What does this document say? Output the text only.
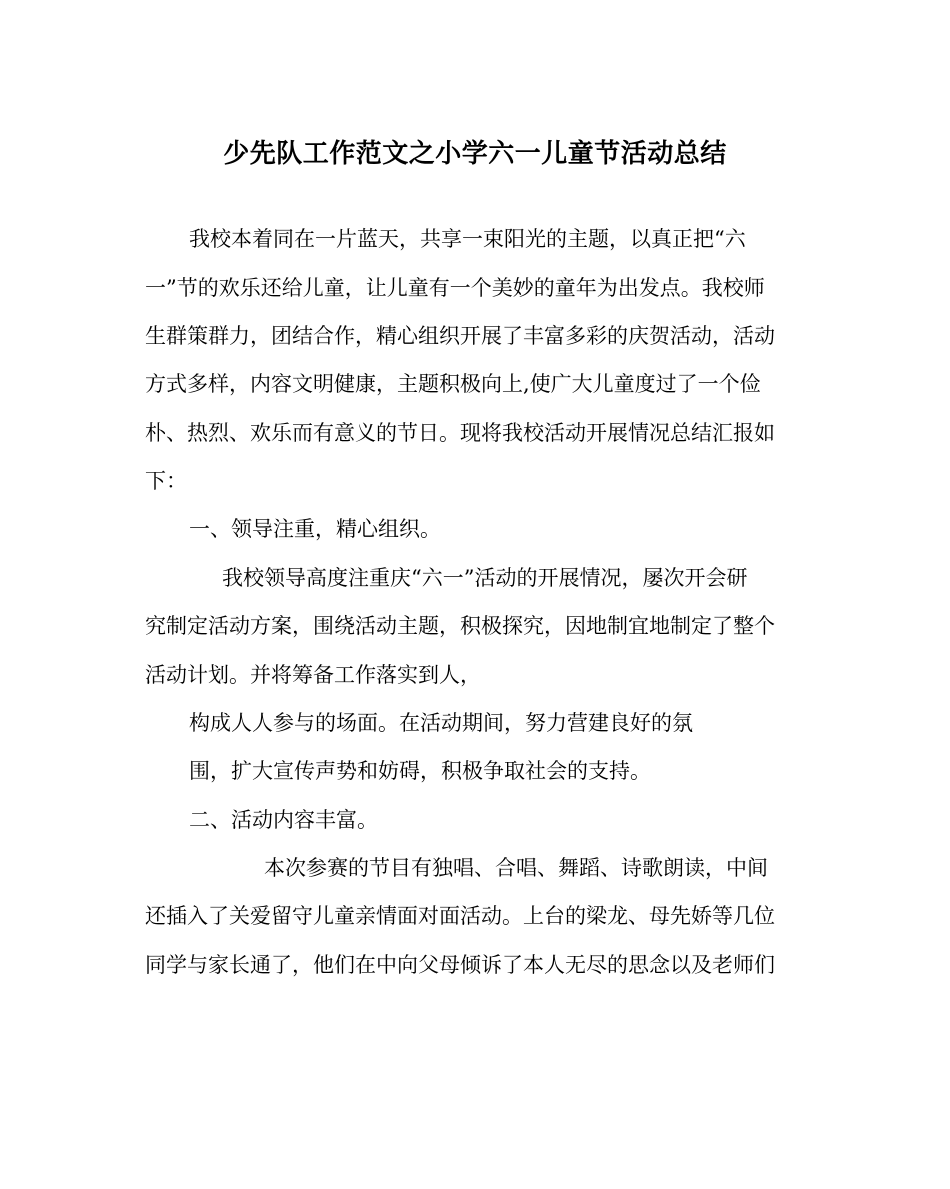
少先队工作范文之小学六一儿童节活动总结

我校本着同在一片蓝天，共享一束阳光的主题，以真正把“六

一”节的欢乐还给儿童，让儿童有一个美妙的童年为出发点。我校师

生群策群力，团结合作，精心组织开展了丰富多彩的庆贺活动，活动

方式多样，内容文明健康，主题积极向上,使广大儿童度过了一个俭

朴、热烈、欢乐而有意义的节日。现将我校活动开展情况总结汇报如

下：

一、领导注重，精心组织。

我校领导高度注重庆“六一”活动的开展情况，屡次开会研

究制定活动方案，围绕活动主题，积极探究，因地制宜地制定了整个

活动计划。并将筹备工作落实到人，

构成人人参与的场面。在活动期间，努力营建良好的氛

围，扩大宣传声势和妨碍，积极争取社会的支持。

二、活动内容丰富。

本次参赛的节目有独唱、合唱、舞蹈、诗歌朗读，中间

还插入了关爱留守儿童亲情面对面活动。上台的梁龙、母先娇等几位

同学与家长通了，他们在中向父母倾诉了本人无尽的思念以及老师们
